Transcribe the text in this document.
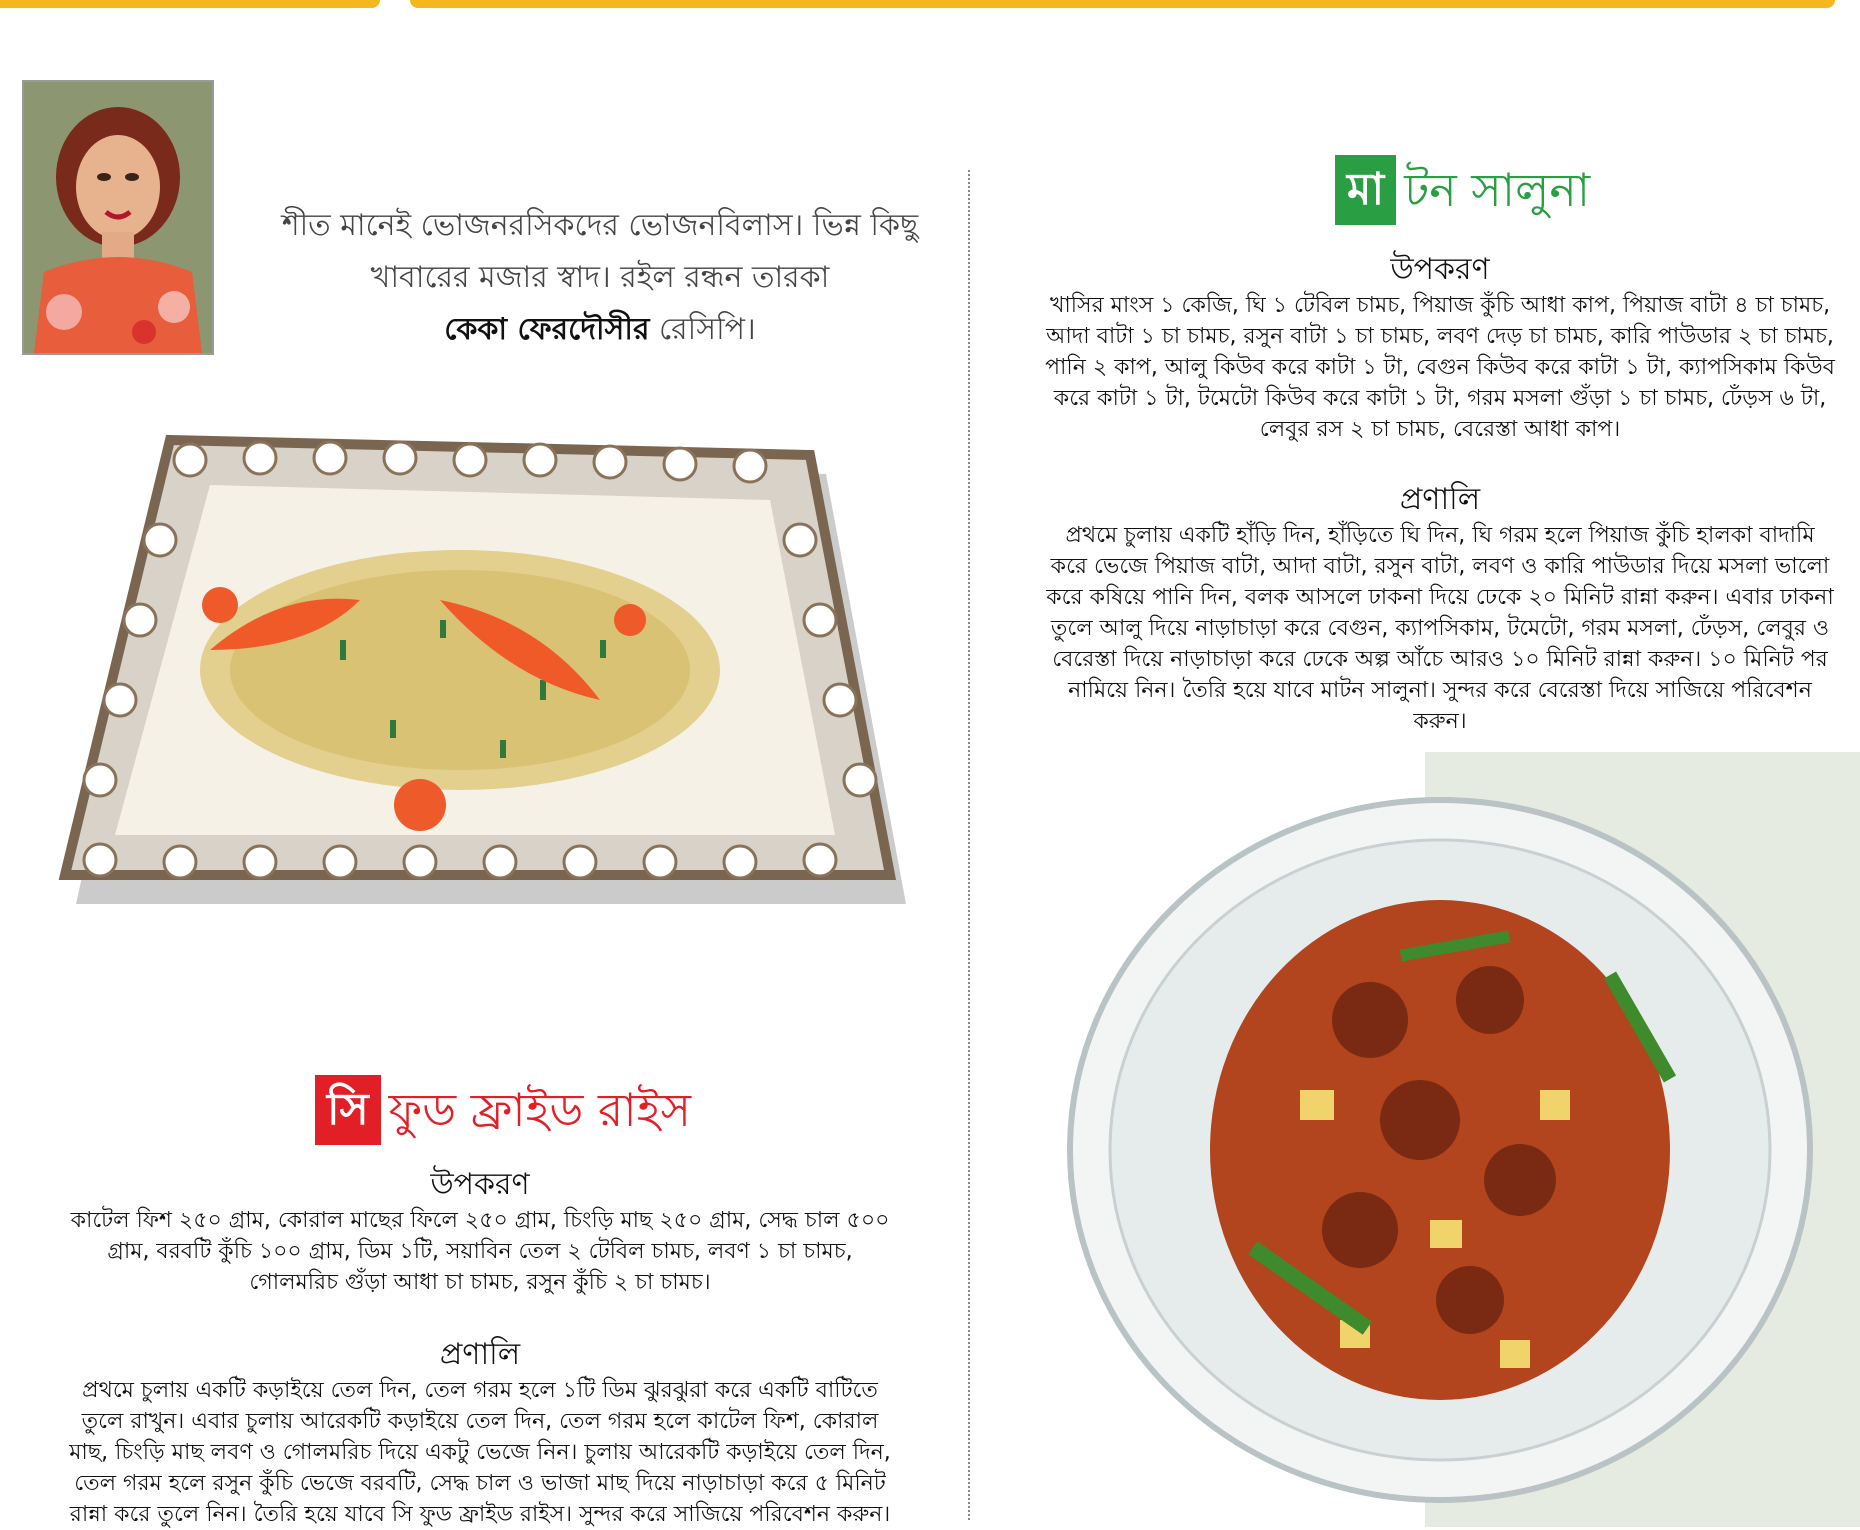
শীত মানেই ভোজনরসিকদের ভোজনবিলাস। ভিন্ন কিছু
খাবারের মজার স্বাদ। রইল রন্ধন তারকা
কেকা ফেরদৌসীর রেসিপি।
সি ফুড ফ্রাইড রাইস
উপকরণ
কাটেল ফিশ ২৫০ গ্রাম, কোরাল মাছের ফিলে ২৫০ গ্রাম, চিংড়ি মাছ ২৫০ গ্রাম, সেদ্ধ চাল ৫০০ গ্রাম, বরবটি কুঁচি ১০০ গ্রাম, ডিম ১টি, সয়াবিন তেল ২ টেবিল চামচ, লবণ ১ চা চামচ, গোলমরিচ গুঁড়া আধা চা চামচ, রসুন কুঁচি ২ চা চামচ।
প্রণালি
প্রথমে চুলায় একটি কড়াইয়ে তেল দিন, তেল গরম হলে ১টি ডিম ঝুরঝুরা করে একটি বাটিতে তুলে রাখুন। এবার চুলায় আরেকটি কড়াইয়ে তেল দিন, তেল গরম হলে কাটেল ফিশ, কোরাল মাছ, চিংড়ি মাছ লবণ ও গোলমরিচ দিয়ে একটু ভেজে নিন। চুলায় আরেকটি কড়াইয়ে তেল দিন, তেল গরম হলে রসুন কুঁচি ভেজে বরবটি, সেদ্ধ চাল ও ভাজা মাছ দিয়ে নাড়াচাড়া করে ৫ মিনিট রান্না করে তুলে নিন। তৈরি হয়ে যাবে সি ফুড ফ্রাইড রাইস। সুন্দর করে সাজিয়ে পরিবেশন করুন।
মা টন সালুনা
উপকরণ
খাসির মাংস ১ কেজি, ঘি ১ টেবিল চামচ, পিয়াজ কুঁচি আধা কাপ, পিয়াজ বাটা ৪ চা চামচ, আদা বাটা ১ চা চামচ, রসুন বাটা ১ চা চামচ, লবণ দেড় চা চামচ, কারি পাউডার ২ চা চামচ, পানি ২ কাপ, আলু কিউব করে কাটা ১ টা, বেগুন কিউব করে কাটা ১ টা, ক্যাপসিকাম কিউব করে কাটা ১ টা, টমেটো কিউব করে কাটা ১ টা, গরম মসলা গুঁড়া ১ চা চামচ, ঢেঁড়স ৬ টা, লেবুর রস ২ চা চামচ, বেরেস্তা আধা কাপ।
প্রণালি
প্রথমে চুলায় একটি হাঁড়ি দিন, হাঁড়িতে ঘি দিন, ঘি গরম হলে পিয়াজ কুঁচি হালকা বাদামি করে ভেজে পিয়াজ বাটা, আদা বাটা, রসুন বাটা, লবণ ও কারি পাউডার দিয়ে মসলা ভালো করে কষিয়ে পানি দিন, বলক আসলে ঢাকনা দিয়ে ঢেকে ২০ মিনিট রান্না করুন। এবার ঢাকনা তুলে আলু দিয়ে নাড়াচাড়া করে বেগুন, ক্যাপসিকাম, টমেটো, গরম মসলা, ঢেঁড়স, লেবুর ও বেরেস্তা দিয়ে নাড়াচাড়া করে ঢেকে অল্প আঁচে আরও ১০ মিনিট রান্না করুন। ১০ মিনিট পর নামিয়ে নিন। তৈরি হয়ে যাবে মাটন সালুনা। সুন্দর করে বেরেস্তা দিয়ে সাজিয়ে পরিবেশন করুন।
